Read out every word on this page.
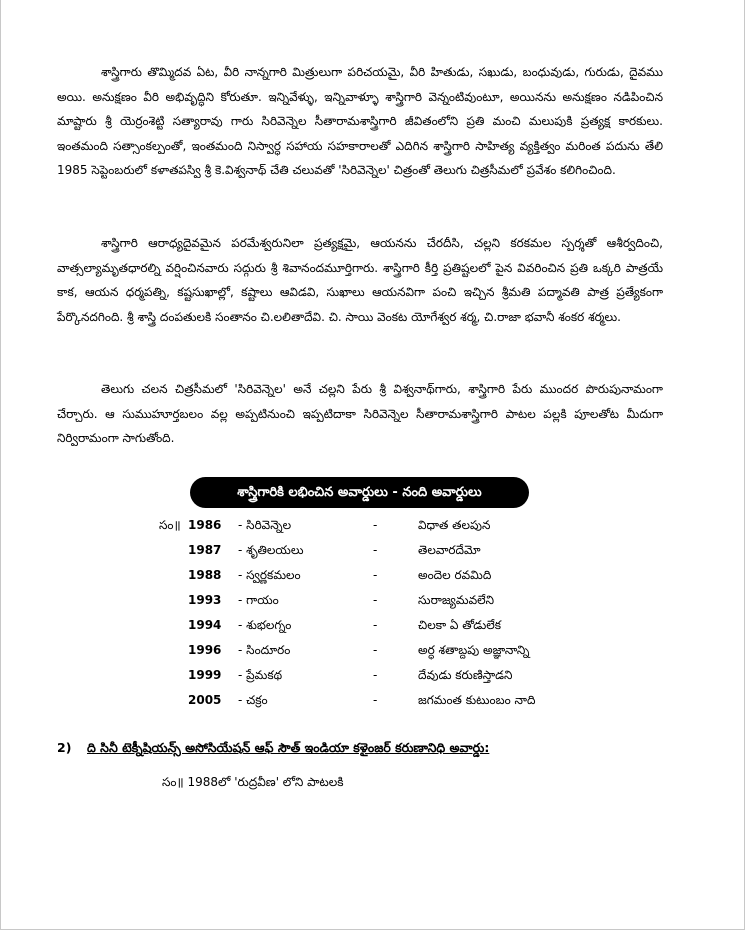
శాస్త్రిగారు తొమ్మిదవ ఏట, వీరి నాన్నగారి మిత్రులుగా పరిచయమై, వీరి హితుడు, సఖుడు, బంధువుడు, గురుడు, దైవము అయి. అనుక్షణం వీరి అభివృద్ధిని కోరుతూ. ఇన్నివేళ్ళు, ఇన్నివాళ్ళూ శాస్త్రిగారి వెన్నంటివుంటూ, అయినను అనుక్షణం నడిపించిన మాష్టారు శ్రీ యెర్రంశెట్టి సత్యారావు గారు సిరివెన్నెల సీతారామశాస్త్రిగారి జీవితంలోని ప్రతి మంచి మలుపుకి ప్రత్యక్ష కారకులు. ఇంతమంది సత్సాంకల్పంతో, ఇంతమంది నిస్వార్ధ సహాయ సహకారాలతో ఎదిగిన శాస్త్రిగారి సాహిత్య వ్యక్తిత్వం మరింత పదును తేలి 1985 సెప్టెంబరులో కళాతపస్వి శ్రీ కె.విశ్వనాథ్ చేతి చలువతో 'సిరివెన్నెల' చిత్రంతో తెలుగు చిత్రసీమలో ప్రవేశం కలిగించింది.

శాస్త్రిగారి ఆరాధ్యదైవమైన పరమేశ్వరునిలా ప్రత్యక్షమై, ఆయనను చేరదీసి, చల్లని కరకమల స్పర్శతో ఆశీర్వదించి, వాత్సల్యామృతధారల్ని వర్షించినవారు సద్గురు శ్రీ శివానందమూర్తిగారు. శాస్త్రిగారి కీర్తి ప్రతిష్టలలో పైన వివరించిన ప్రతి ఒక్కరి పాత్రయే కాక, ఆయన ధర్మపత్ని, కష్టసుఖాల్లో, కష్టాలు ఆవిడవి, సుఖాలు ఆయనవిగా పంచి ఇచ్చిన శ్రీమతి పద్మావతి పాత్ర ప్రత్యేకంగా పేర్కొనదగింది. శ్రీ శాస్త్రి దంపతులకి సంతానం చి.లలితాదేవి. చి. సాయి వెంకట యోగేశ్వర శర్మ, చి.రాజా భవానీ శంకర శర్మలు.

తెలుగు చలన చిత్రసీమలో 'సిరివెన్నెల' అనే చల్లని పేరు శ్రీ విశ్వనాథ్‌గారు, శాస్త్రిగారి పేరు ముందర పొరుపునామంగా చేర్చారు. ఆ సుముహూర్తబలం వల్ల అప్పటినుంచి ఇప్పటిదాకా సిరివెన్నెల సీతారామశాస్త్రిగారి పాటల పల్లకి పూలతోట మీదుగా నిర్విరామంగా సాగుతోంది.

శాస్త్రిగారికి లభించిన అవార్డులు - నంది అవార్డులు
సం॥ 1986 - సిరివెన్నెల	-	విధాత తలపున
1987 - శృతిలయలు	-	తెలవారదేమో
1988 - స్వర్ణకమలం	-	అందెల రవమిది
1993 - గాయం	-	సురాజ్యమవలేని
1994 - శుభలగ్నం	-	చిలకా ఏ తోడులేక
1996 - సిందూరం	-	అర్ధ శతాబ్దపు అజ్ఞానాన్ని
1999 - ప్రేమకథ	-	దేవుడు కరుణిస్తాడని
2005 - చక్రం	-	జగమంత కుటుంబం నాది
2) ది సినీ టెక్నీషియన్స్ అసోసియేషన్ ఆఫ్ సౌత్ ఇండియా కళైంజర్ కరుణానిధి అవార్డు:
సం॥ 1988లో 'రుద్రవీణ' లోని పాటలకి
